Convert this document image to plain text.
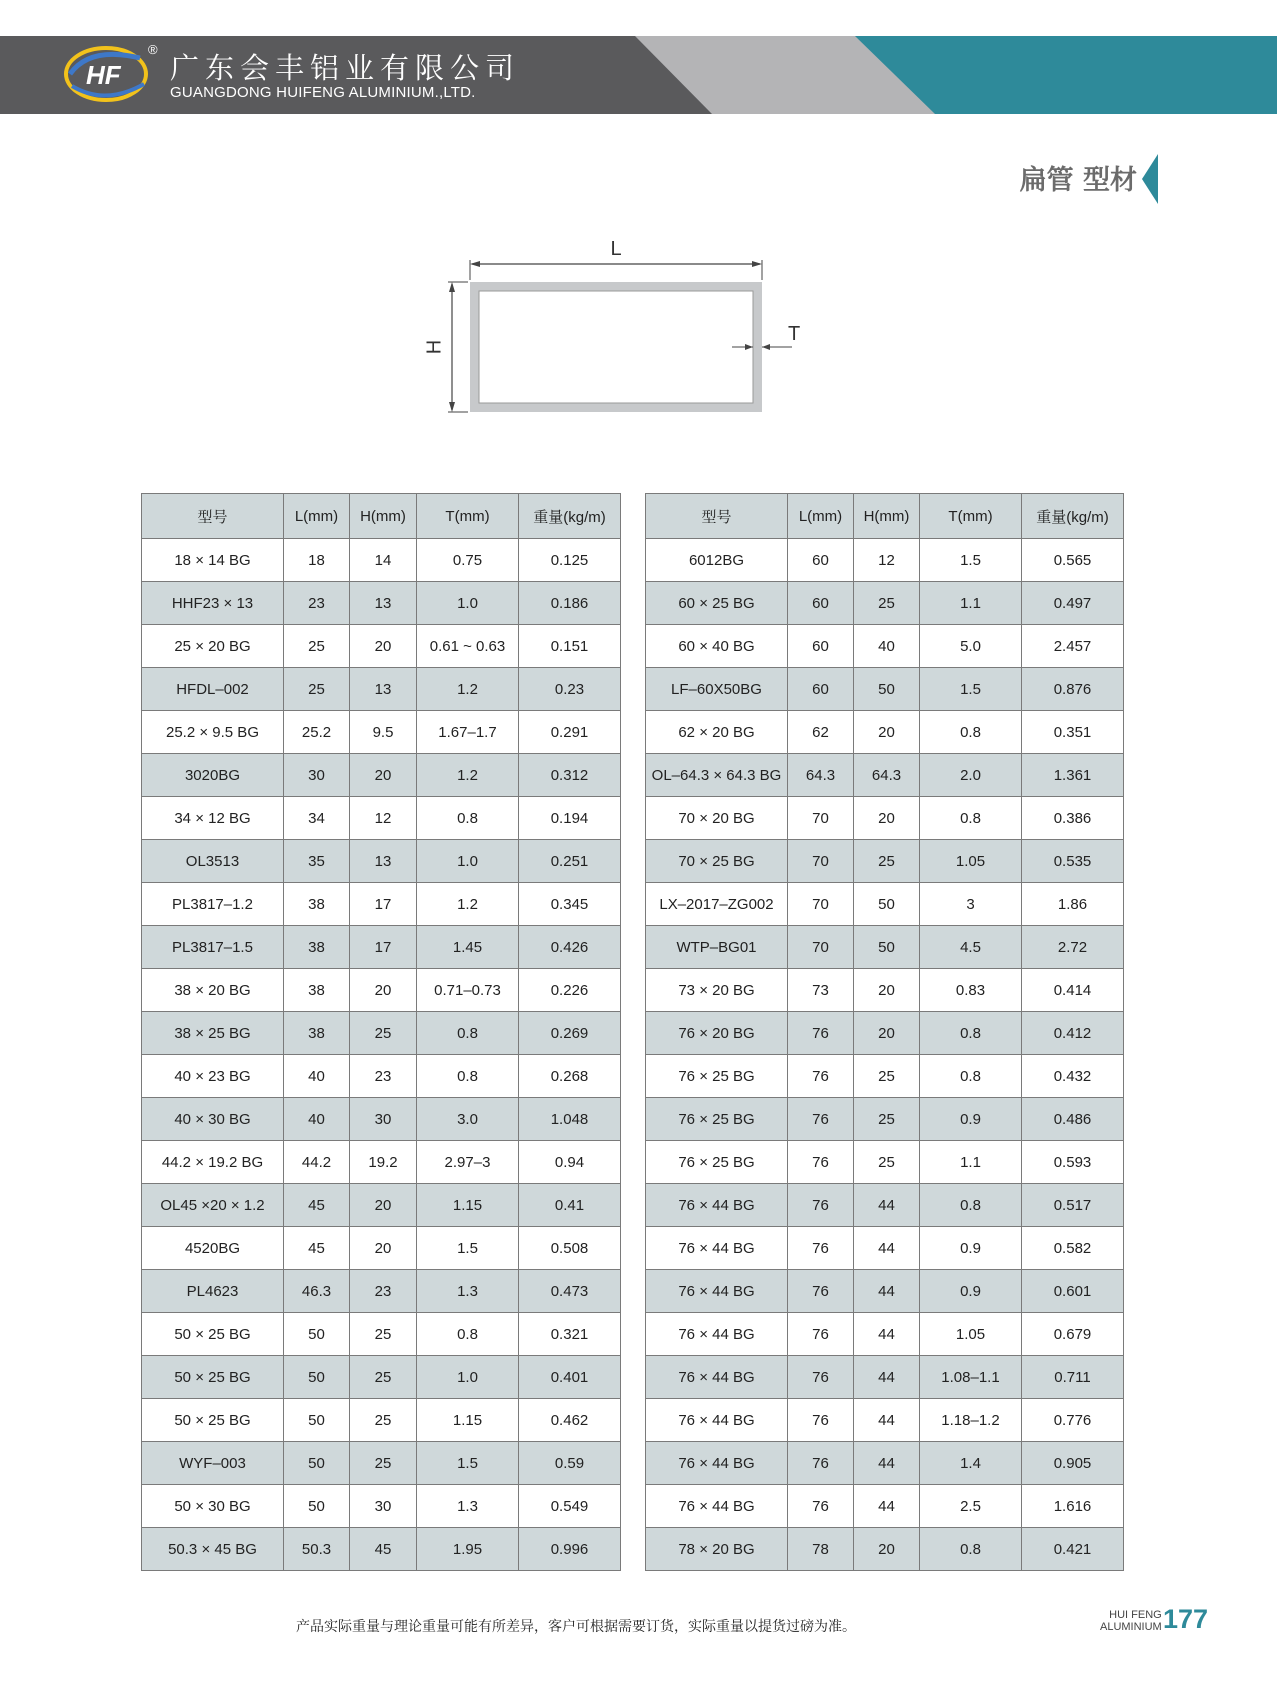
HF
®
广东会丰铝业有限公司
GUANGDONG HUIFENG ALUMINIUM.,LTD.
扁管 型材
L
H
T
型号	L(mm)	H(mm)	T(mm)	重量(kg/m)
18 × 14 BG	18	14	0.75	0.125
HHF23 × 13	23	13	1.0	0.186
25 × 20 BG	25	20	0.61 ~ 0.63	0.151
HFDL–002	25	13	1.2	0.23
25.2 × 9.5 BG	25.2	9.5	1.67–1.7	0.291
3020BG	30	20	1.2	0.312
34 × 12 BG	34	12	0.8	0.194
OL3513	35	13	1.0	0.251
PL3817–1.2	38	17	1.2	0.345
PL3817–1.5	38	17	1.45	0.426
38 × 20 BG	38	20	0.71–0.73	0.226
38 × 25 BG	38	25	0.8	0.269
40 × 23 BG	40	23	0.8	0.268
40 × 30 BG	40	30	3.0	1.048
44.2 × 19.2 BG	44.2	19.2	2.97–3	0.94
OL45 ×20 × 1.2	45	20	1.15	0.41
4520BG	45	20	1.5	0.508
PL4623	46.3	23	1.3	0.473
50 × 25 BG	50	25	0.8	0.321
50 × 25 BG	50	25	1.0	0.401
50 × 25 BG	50	25	1.15	0.462
WYF–003	50	25	1.5	0.59
50 × 30 BG	50	30	1.3	0.549
50.3 × 45 BG	50.3	45	1.95	0.996
型号	L(mm)	H(mm)	T(mm)	重量(kg/m)
6012BG	60	12	1.5	0.565
60 × 25 BG	60	25	1.1	0.497
60 × 40 BG	60	40	5.0	2.457
LF–60X50BG	60	50	1.5	0.876
62 × 20 BG	62	20	0.8	0.351
OL–64.3 × 64.3 BG	64.3	64.3	2.0	1.361
70 × 20 BG	70	20	0.8	0.386
70 × 25 BG	70	25	1.05	0.535
LX–2017–ZG002	70	50	3	1.86
WTP–BG01	70	50	4.5	2.72
73 × 20 BG	73	20	0.83	0.414
76 × 20 BG	76	20	0.8	0.412
76 × 25 BG	76	25	0.8	0.432
76 × 25 BG	76	25	0.9	0.486
76 × 25 BG	76	25	1.1	0.593
76 × 44 BG	76	44	0.8	0.517
76 × 44 BG	76	44	0.9	0.582
76 × 44 BG	76	44	0.9	0.601
76 × 44 BG	76	44	1.05	0.679
76 × 44 BG	76	44	1.08–1.1	0.711
76 × 44 BG	76	44	1.18–1.2	0.776
76 × 44 BG	76	44	1.4	0.905
76 × 44 BG	76	44	2.5	1.616
78 × 20 BG	78	20	0.8	0.421
产品实际重量与理论重量可能有所差异，客户可根据需要订货，实际重量以提货过磅为准。
HUI FENG
ALUMINIUM 177
